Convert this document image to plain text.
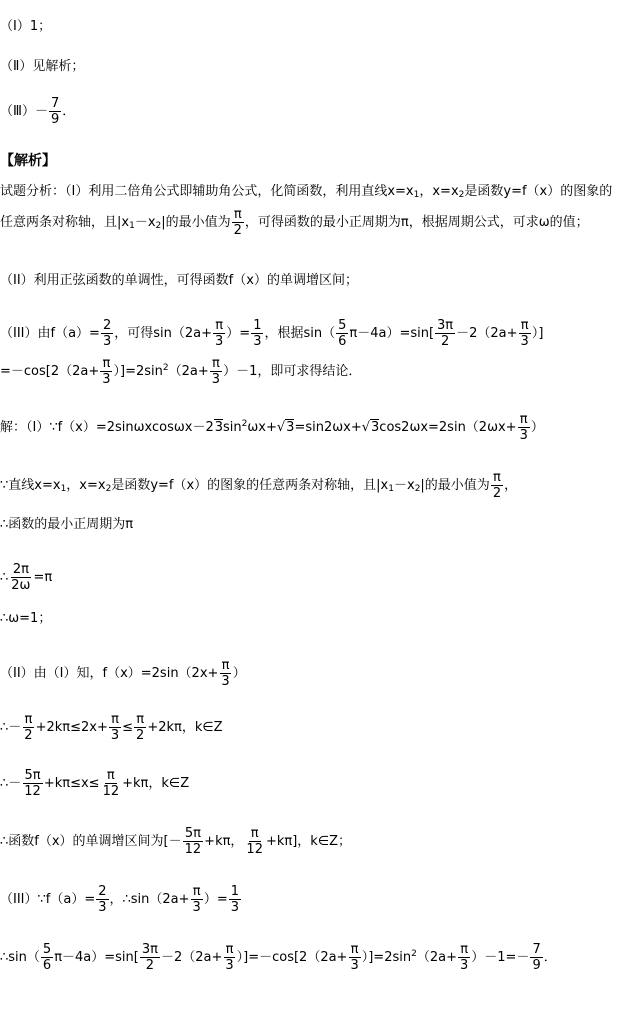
（Ⅰ）1；
（Ⅱ）见解析；
（Ⅲ）－ $\frac{7}{9}$ ．
【解析】
试题分析：（I）利用二倍角公式即辅助角公式，化简函数，利用直线$x=x_1$，$x=x_2$是函数y=f（x）的图象的任意两条对称轴，且$|x_1-x_2|$的最小值为 $\frac{\pi}{2}$ ，可得函数的最小正周期为π，根据周期公式，可求ω的值；
（II）利用正弦函数的单调性，可得函数f（x）的单调增区间；
（III）由$f(a)= \frac{2}{3}$ ，可得$\sin(2a+ \frac{\pi}{3}$ ）= $\frac{1}{3}$ ，根据$\sin( \frac{5}{6} \pi-4a)=\sin[ \frac{3\pi}{2} -2(2a+ \frac{\pi}{3}$ ）]
$=-\cos[2(2a+ \frac{\pi}{3} )]=2\sin^2(2a+ \frac{\pi}{3} )-1$，即可求得结论．
解：$(I)\because f(x)=2\sin\omega xcos\omega x-23\sin^2\omega x+√3=\sin 2\omega x+√3\cos 2\omega x=2\sin(2\omega x+ \frac{\pi}{3}$ ）
∵直线$x=x_1$，$x=x_2$是函数y=f（x）的图象的任意两条对称轴，且$|x_1-x_2|$的最小值为 $\frac{\pi}{2}$ ，
∴函数的最小正周期为π
∴ $\frac{2\pi}{2\omega} =\pi$
∴ω=1；
（II）由（I）知，$f(x)=2\sin(2x+ \frac{\pi}{3}$ ）
∴－ $\frac{\pi}{2} +2k\pi\le 2x+ \frac{\pi}{3} \le \frac{\pi}{2} +2k\pi$，k∈Z
∴－ $\frac{5\pi}{12} +k\pi\le x\le \frac{\pi}{12} +k\pi$，k∈Z
∴函数f（x）的单调增区间为[－ $\frac{5\pi}{12} +k\pi$， $\frac{\pi}{12} +k\pi$]，k∈Z；
（III）∵f（a）= $\frac{2}{3}$ ，∴sin（2a+ $\frac{\pi}{3}$ ）= $\frac{1}{3}$
∴sin（ $\frac{5}{6} \pi-4a)=\sin[ \frac{3\pi}{2} -2(2a+ \frac{\pi}{3} )]=-\cos[2(2a+ \frac{\pi}{3} )]=2\sin^2(2a+ \frac{\pi}{3} )-1=- \frac{7}{9}$ ．
